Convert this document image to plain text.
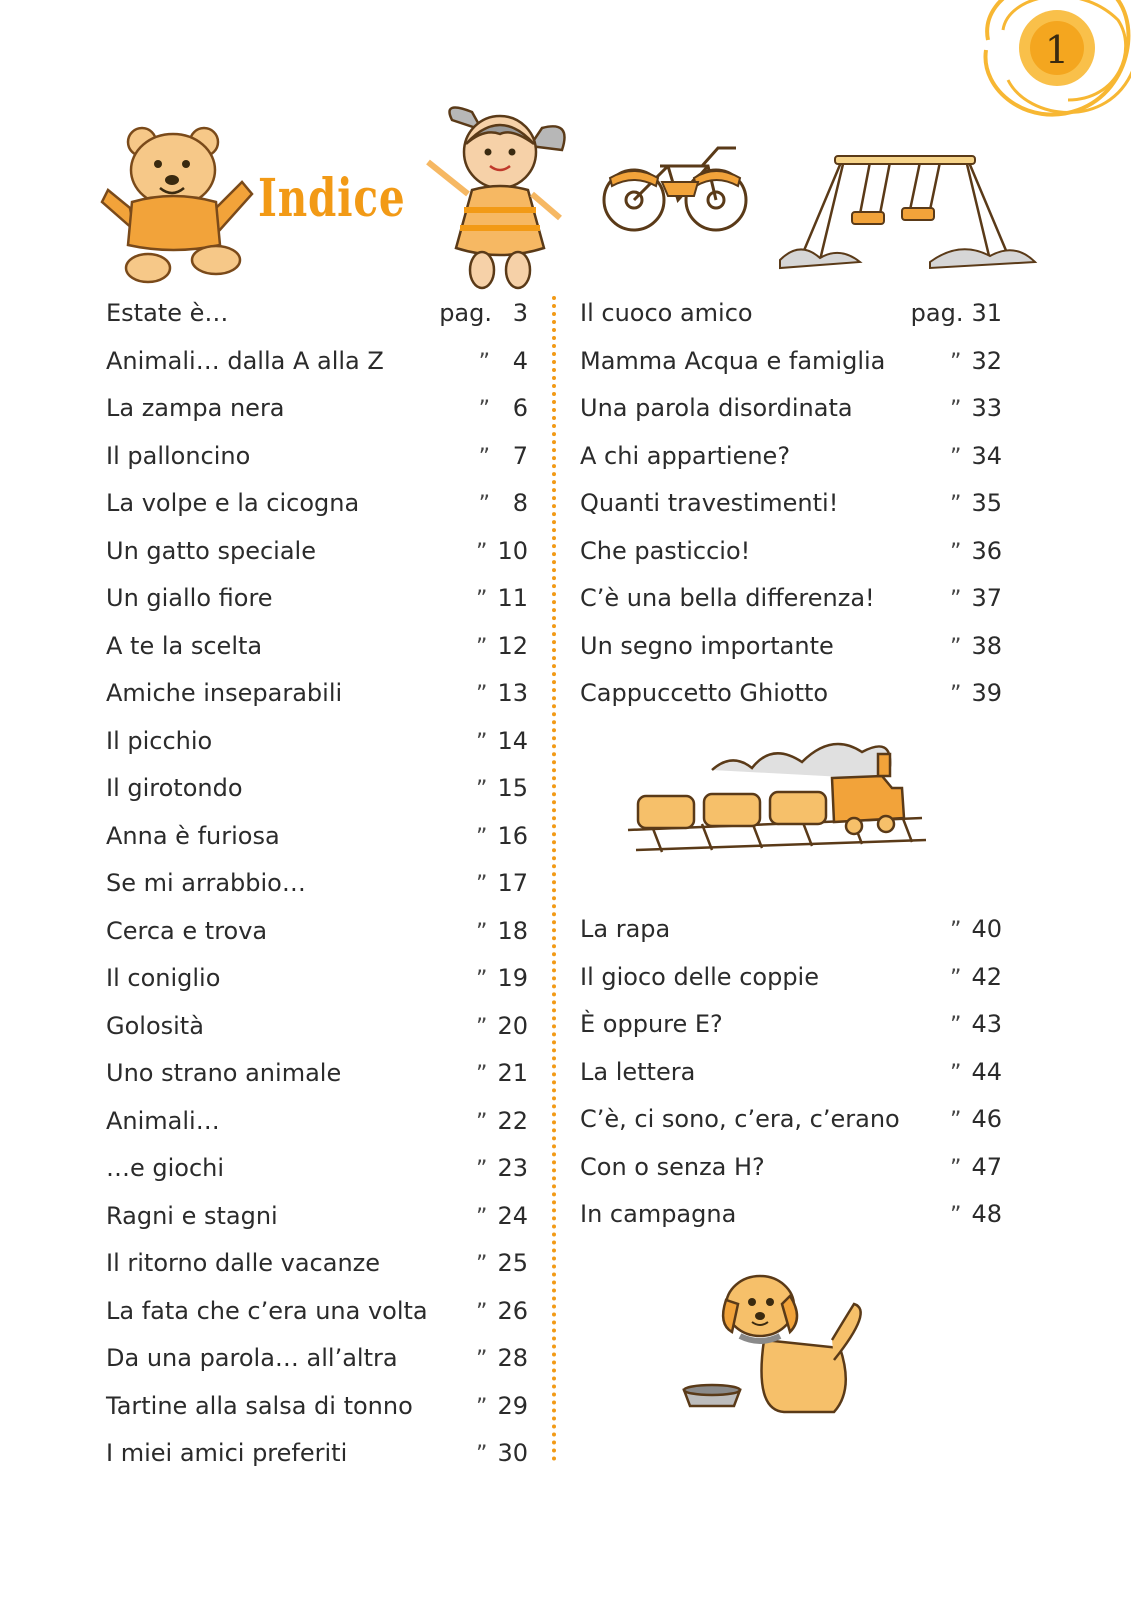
1
Indice
Estate è…	pag. 3
Animali… dalla A alla Z	” 4
La zampa nera	” 6
Il palloncino	” 7
La volpe e la cicogna	” 8
Un gatto speciale	” 10
Un giallo fiore	” 11
A te la scelta	” 12
Amiche inseparabili	” 13
Il picchio	” 14
Il girotondo	” 15
Anna è furiosa	” 16
Se mi arrabbio…	” 17
Cerca e trova	” 18
Il coniglio	” 19
Golosità	” 20
Uno strano animale	” 21
Animali…	” 22
…e giochi	” 23
Ragni e stagni	” 24
Il ritorno dalle vacanze	” 25
La fata che c’era una volta ” 26
Da una parola… all’altra	” 28
Tartine alla salsa di tonno	” 29
I miei amici preferiti	” 30
Il cuoco amico	pag. 31
Mamma Acqua e famiglia	” 32
Una parola disordinata	” 33
A chi appartiene?	” 34
Quanti travestimenti!	” 35
Che pasticcio!	” 36
C’è una bella differenza!	” 37
Un segno importante	” 38
Cappuccetto Ghiotto	” 39
La rapa	” 40
Il gioco delle coppie	” 42
È oppure E?	” 43
La lettera	” 44
C’è, ci sono, c’era, c’erano ” 46
Con o senza H?	” 47
In campagna	” 48
